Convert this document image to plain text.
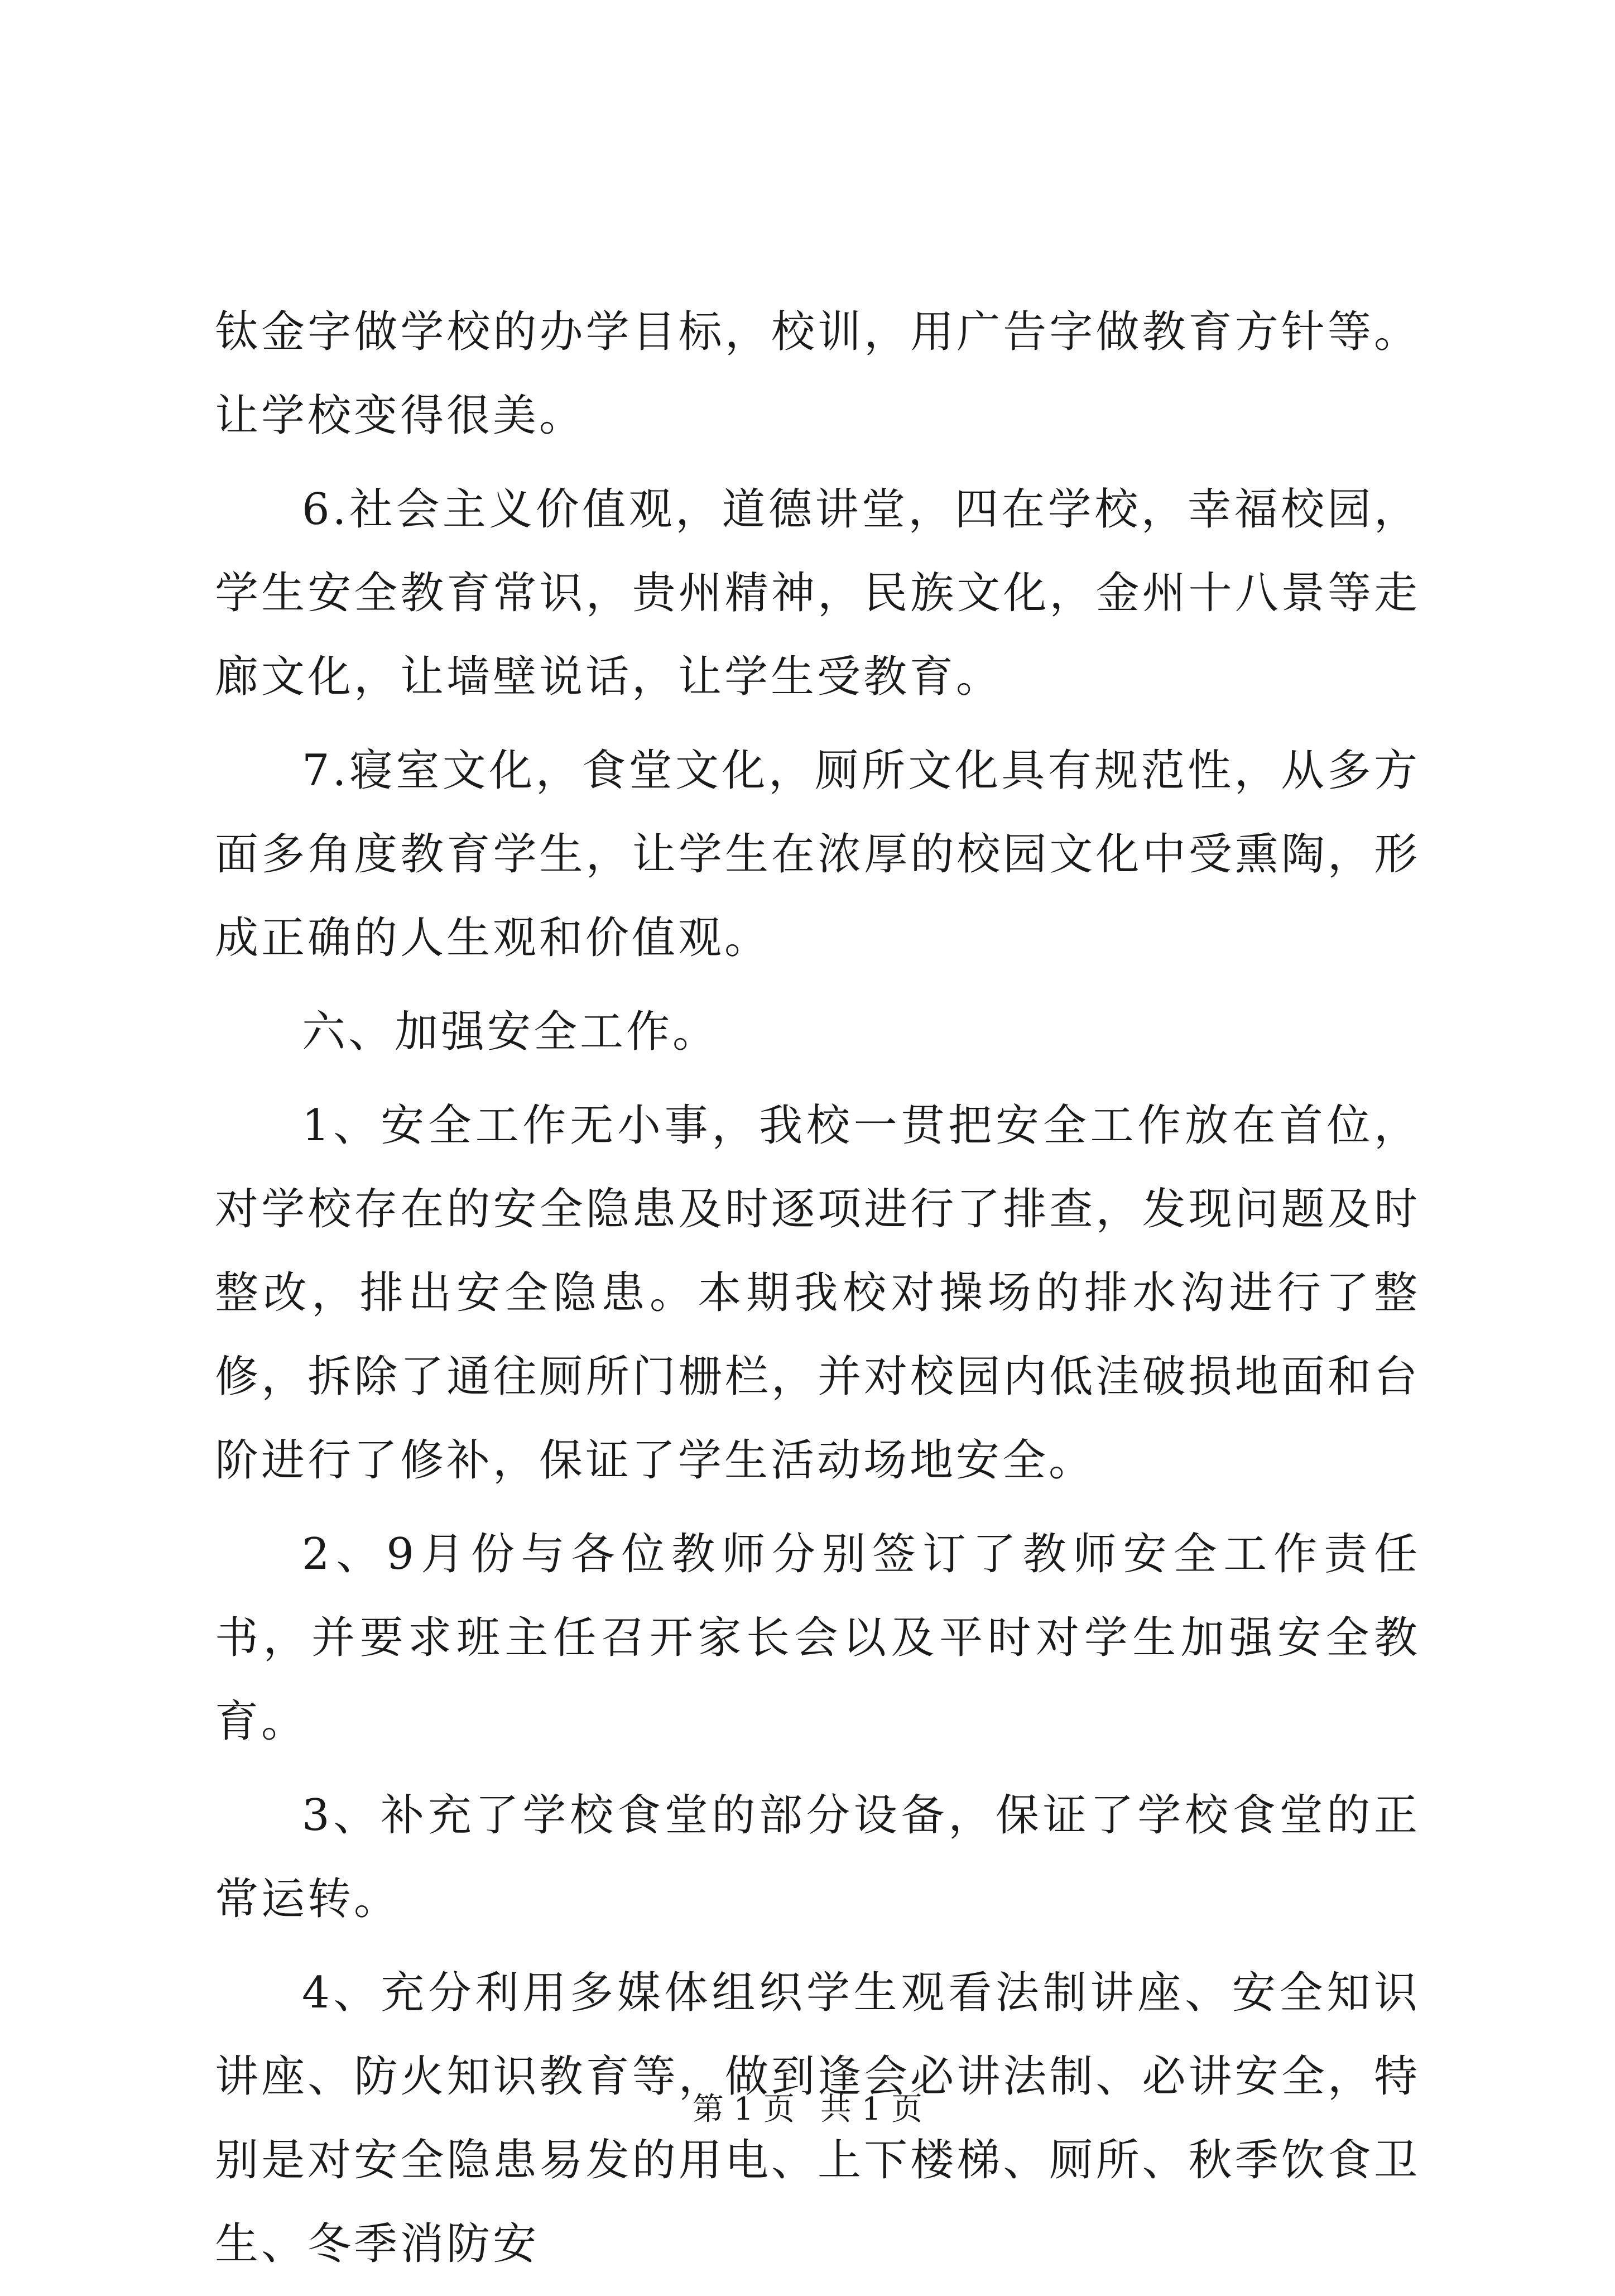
钛金字做学校的办学目标，校训，用广告字做教育方针等。让学校变得很美。

6.社会主义价值观，道德讲堂，四在学校，幸福校园，学生安全教育常识，贵州精神，民族文化，金州十八景等走廊文化，让墙壁说话，让学生受教育。

7.寝室文化，食堂文化，厕所文化具有规范性，从多方面多角度教育学生，让学生在浓厚的校园文化中受熏陶，形成正确的人生观和价值观。

六、加强安全工作。

1、安全工作无小事，我校一贯把安全工作放在首位，对学校存在的安全隐患及时逐项进行了排查，发现问题及时整改，排出安全隐患。本期我校对操场的排水沟进行了整修，拆除了通往厕所门栅栏，并对校园内低洼破损地面和台阶进行了修补，保证了学生活动场地安全。

2、9月份与各位教师分别签订了教师安全工作责任书，并要求班主任召开家长会以及平时对学生加强安全教育。

3、补充了学校食堂的部分设备，保证了学校食堂的正常运转。

4、充分利用多媒体组织学生观看法制讲座、安全知识讲座、防火知识教育等，做到逢会必讲法制、必讲安全，特别是对安全隐患易发的用电、上下楼梯、厕所、秋季饮食卫生、冬季消防安

第 1 页 共 1 页
